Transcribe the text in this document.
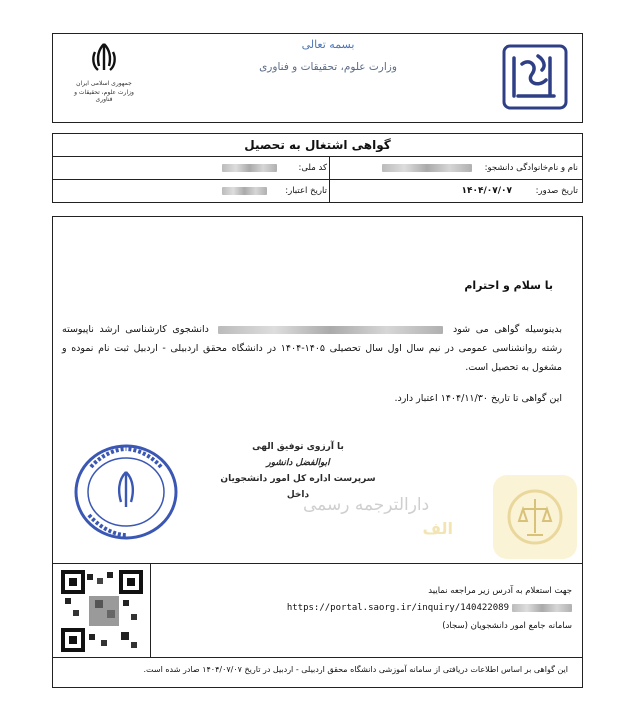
جمهوری اسلامی ایران
وزارت علوم، تحقیقات و فناوری
بسمه تعالی
وزارت علوم، تحقیقات و فناوری
گواهی اشتغال به تحصیل
نام و نام‌خانوادگی دانشجو:
کد ملی:
تاریخ صدور:
۱۴۰۴/۰۷/۰۷
تاریخ اعتبار:
با سلام و احترام
بدینوسیله گواهی می شود  دانشجوی کارشناسی ارشد ناپیوسته رشته روانشناسی عمومی در نیم سال اول سال تحصیلی ۱۴۰۵-۱۴۰۴ در دانشگاه محقق اردبیلی - اردبیل ثبت نام نموده و مشغول به تحصیل است.
این گواهی تا تاریخ ۱۴۰۴/۱۱/۳۰ اعتبار دارد.
با آرزوی توفیق الهی
ابوالفضل دانشور
سرپرست اداره کل امور دانشجویان داخل
دارالترجمه رسمی
الف
جهت استعلام به آدرس زیر مراجعه نمایید
https://portal.saorg.ir/inquiry/140422089
سامانه جامع امور دانشجویان (سجاد)
این گواهی بر اساس اطلاعات دریافتی از سامانه آموزشی دانشگاه محقق اردبیلی - اردبیل در تاریخ ۱۴۰۴/۰۷/۰۷ صادر شده است.
